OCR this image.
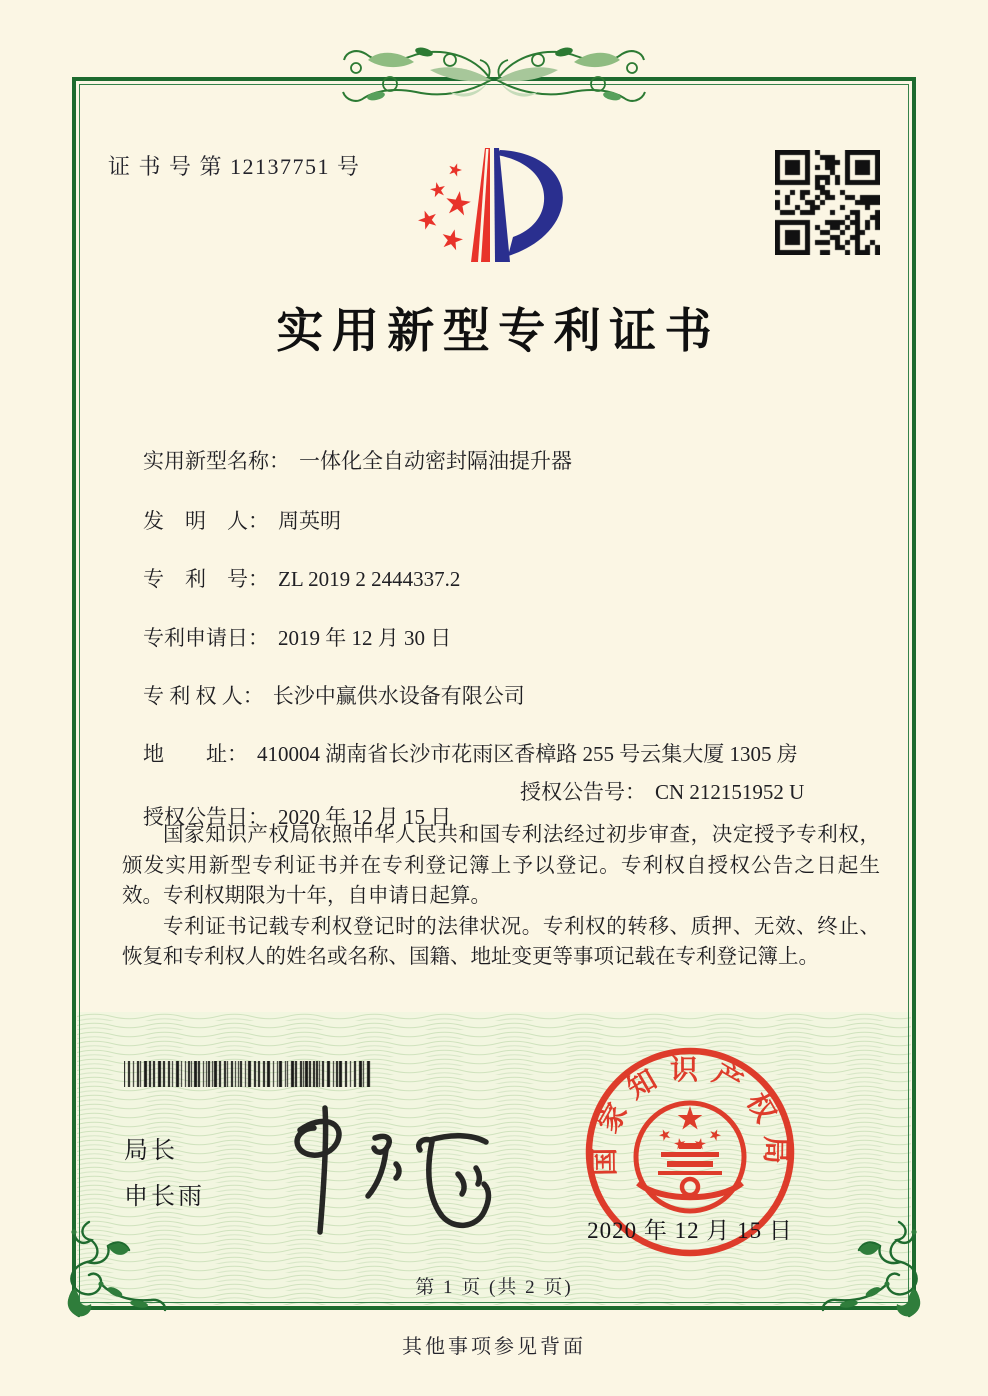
证 书 号 第 12137751 号
实用新型专利证书

实用新型名称： 一体化全自动密封隔油提升器

发　明　人： 周英明

专　利　号： ZL 2019 2 2444337.2

专利申请日： 2019 年 12 月 30 日

专 利 权 人： 长沙中赢供水设备有限公司

地　　址： 410004 湖南省长沙市花雨区香樟路 255 号云集大厦 1305 房

授权公告日： 2020 年 12 月 15 日

授权公告号： CN 212151952 U

国家知识产权局依照中华人民共和国专利法经过初步审查，决定授予专利权，颁发实用新型专利证书并在专利登记簿上予以登记。专利权自授权公告之日起生效。专利权期限为十年，自申请日起算。

专利证书记载专利权登记时的法律状况。专利权的转移、质押、无效、终止、恢复和专利权人的姓名或名称、国籍、地址变更等事项记载在专利登记簿上。

局长
申长雨
国家知识产权局
2020 年 12 月 15 日
第 1 页 (共 2 页)
其他事项参见背面
